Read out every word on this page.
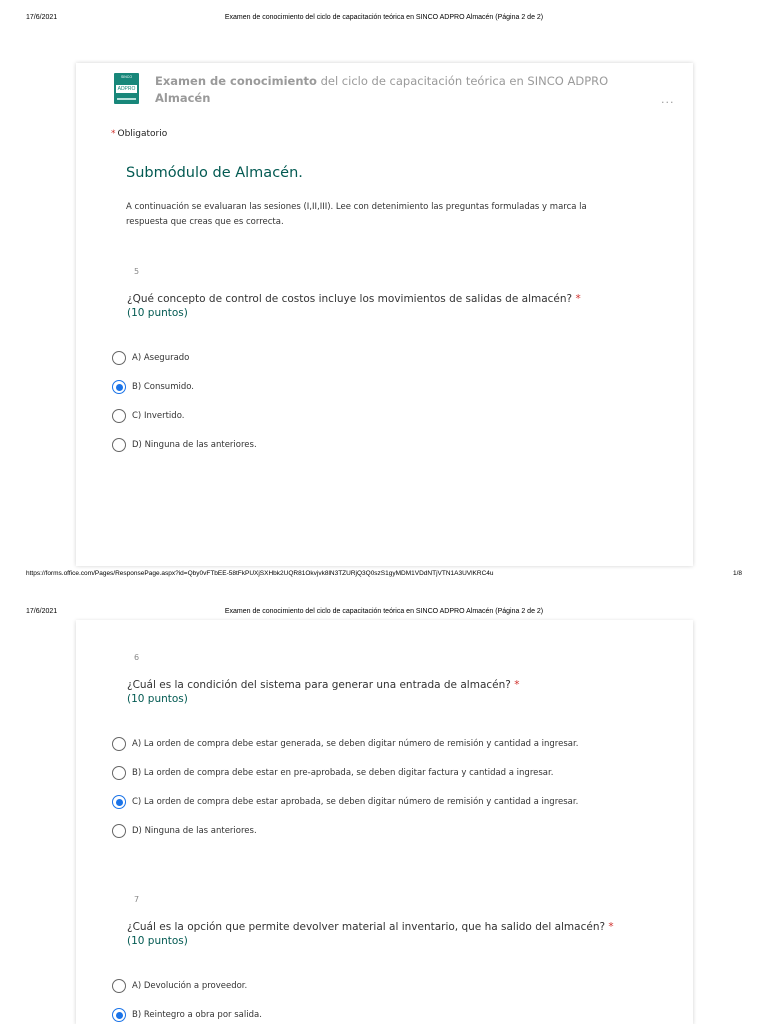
17/6/2021	Examen de conocimiento del ciclo de capacitación teórica en SINCO ADPRO Almacén (Página 2 de 2)
SINCO
ADPRO
Examen de conocimiento del ciclo de capacitación teórica en SINCO ADPRO
Almacén	...
* Obligatorio
Submódulo de Almacén.
A continuación se evaluaran las sesiones (I,II,III). Lee con detenimiento las preguntas formuladas y marca la respuesta que creas que es correcta.
5
¿Qué concepto de control de costos incluye los movimientos de salidas de almacén? *
(10 puntos)
A) Asegurado
B) Consumido.
C) Invertido.
D) Ninguna de las anteriores.
https://forms.office.com/Pages/ResponsePage.aspx?id=Qby0vFTbEE-58tFkPUXjSXHbk2UQR81Okvjvk8lN3TZURjQ3Q0szS1gyMDM1VDdNTjVTN1A3UVlKRC4u	1/8
17/6/2021	Examen de conocimiento del ciclo de capacitación teórica en SINCO ADPRO Almacén (Página 2 de 2)
6
¿Cuál es la condición del sistema para generar una entrada de almacén? *
(10 puntos)
A) La orden de compra debe estar generada, se deben digitar número de remisión y cantidad a ingresar.
B) La orden de compra debe estar en pre-aprobada, se deben digitar factura y cantidad a ingresar.
C) La orden de compra debe estar aprobada, se deben digitar número de remisión y cantidad a ingresar.
D) Ninguna de las anteriores.
7
¿Cuál es la opción que permite devolver material al inventario, que ha salido del almacén? *
(10 puntos)
A) Devolución a proveedor.
B) Reintegro a obra por salida.
